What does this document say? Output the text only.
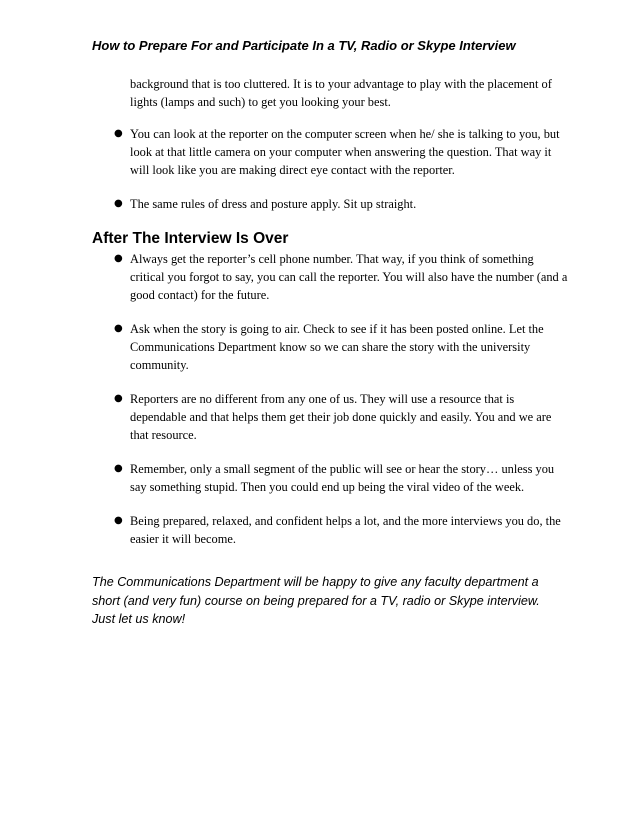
How to Prepare For and Participate In a TV, Radio or Skype Interview

background that is too cluttered. It is to your advantage to play with the placement of lights (lamps and such) to get you looking your best.

● You can look at the reporter on the computer screen when he/ she is talking to you, but look at that little camera on your computer when answering the question. That way it will look like you are making direct eye contact with the reporter.
● The same rules of dress and posture apply. Sit up straight.
After The Interview Is Over
● Always get the reporter’s cell phone number. That way, if you think of something critical you forgot to say, you can call the reporter. You will also have the number (and a good contact) for the future.
● Ask when the story is going to air. Check to see if it has been posted online. Let the Communications Department know so we can share the story with the university community.
● Reporters are no different from any one of us. They will use a resource that is dependable and that helps them get their job done quickly and easily. You and we are that resource.
● Remember, only a small segment of the public will see or hear the story… unless you say something stupid. Then you could end up being the viral video of the week.
● Being prepared, relaxed, and confident helps a lot, and the more interviews you do, the easier it will become.

The Communications Department will be happy to give any faculty department a short (and very fun) course on being prepared for a TV, radio or Skype interview. Just let us know!
